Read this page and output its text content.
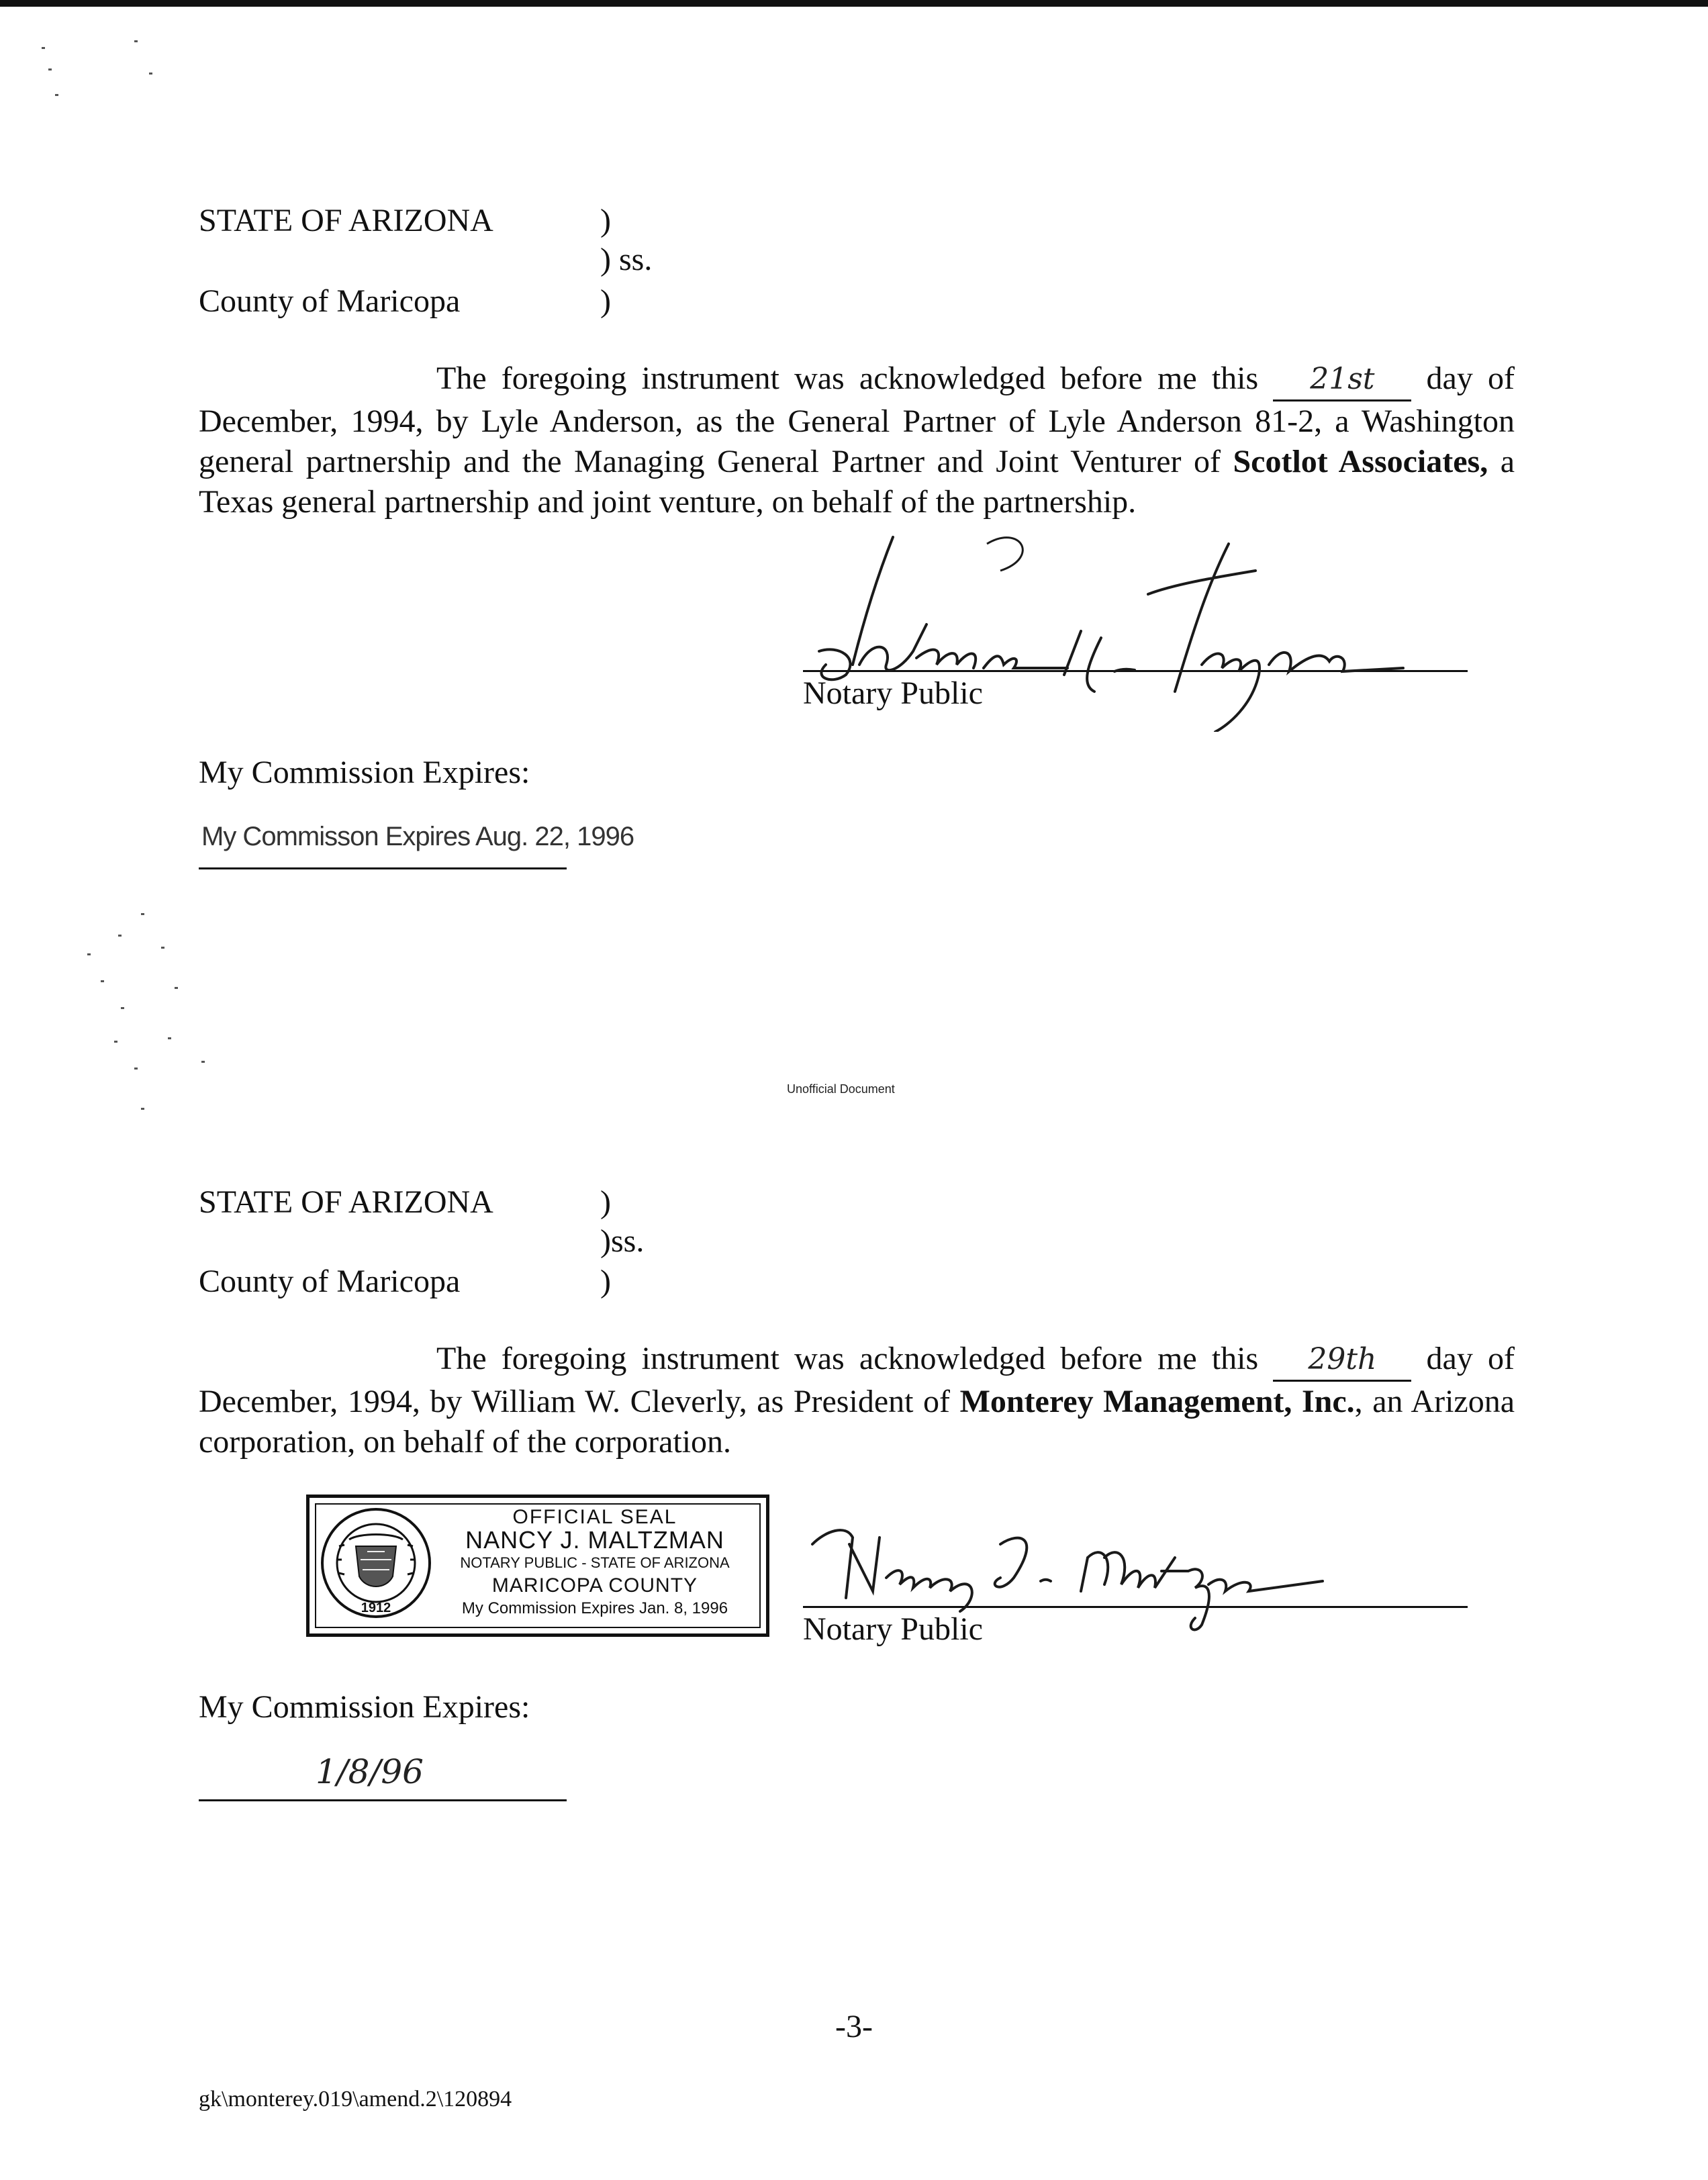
STATE OF ARIZONA	)
) ss.
County of Maricopa	)
The foregoing instrument was acknowledged before me this 21st day of December, 1994, by Lyle Anderson, as the General Partner of Lyle Anderson 81-2, a Washington general partnership and the Managing General Partner and Joint Venturer of Scotlot Associates, a Texas general partnership and joint venture, on behalf of the partnership.
Notary Public
My Commission Expires:
My Commisson Expires Aug. 22, 1996
Unofficial Document
STATE OF ARIZONA	)
)ss.
County of Maricopa	)
The foregoing instrument was acknowledged before me this 29th day of December, 1994, by William W. Cleverly, as President of Monterey Management, Inc., an Arizona corporation, on behalf of the corporation.
1912
OFFICIAL SEAL
NANCY J. MALTZMAN
NOTARY PUBLIC - STATE OF ARIZONA
MARICOPA COUNTY
My Commission Expires Jan. 8, 1996
Notary Public
My Commission Expires:
1/8/96
-3-
gk\monterey.019\amend.2\120894
